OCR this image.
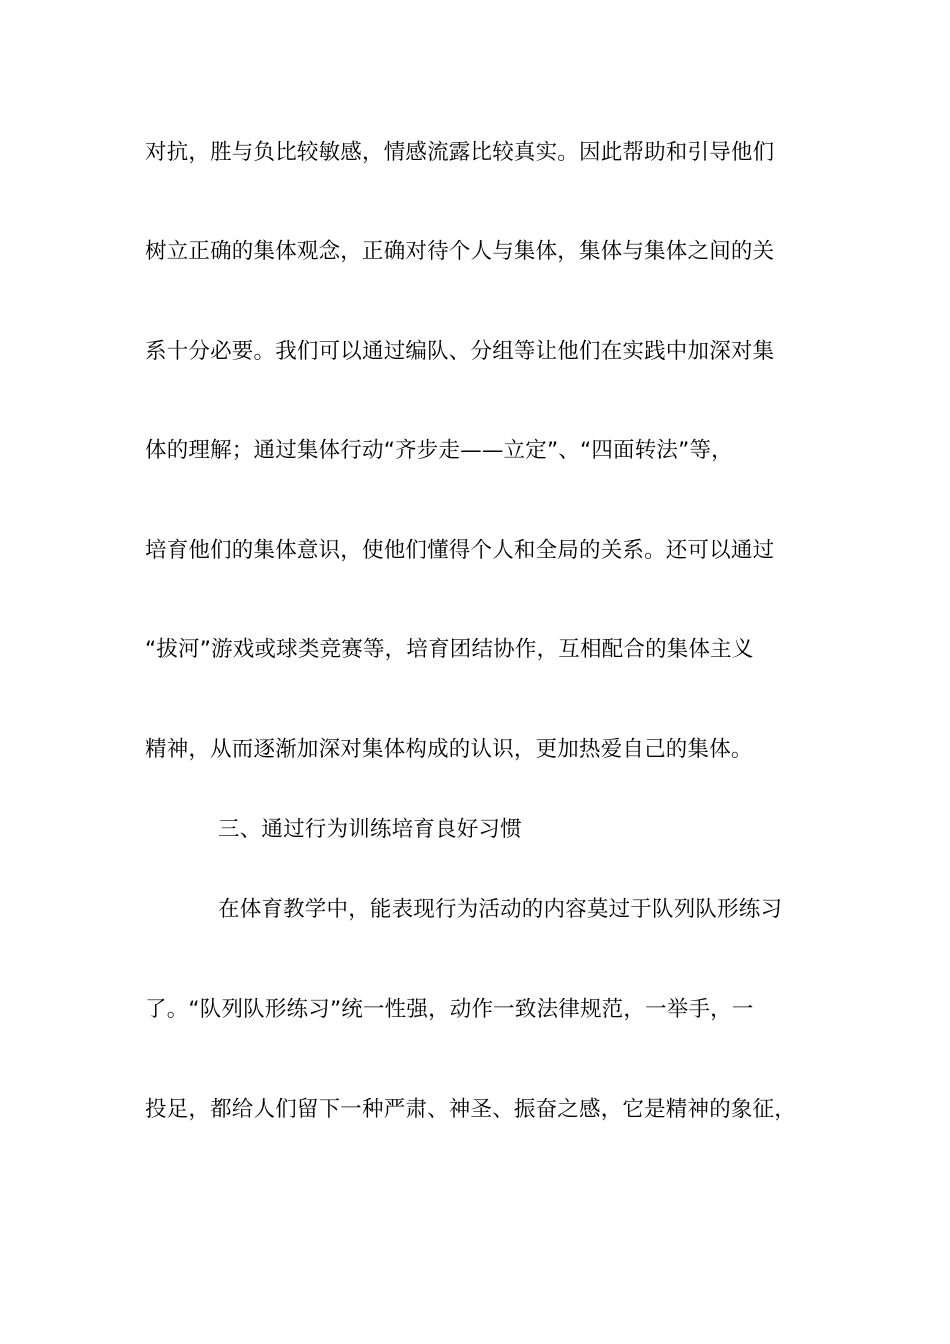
对抗，胜与负比较敏感，情感流露比较真实。因此帮助和引导他们
树立正确的集体观念，正确对待个人与集体，集体与集体之间的关
系十分必要。我们可以通过编队、分组等让他们在实践中加深对集
体的理解；通过集体行动“齐步走——立定”、“四面转法”等，
培育他们的集体意识，使他们懂得个人和全局的关系。还可以通过
“拔河”游戏或球类竞赛等，培育团结协作，互相配合的集体主义
精神，从而逐渐加深对集体构成的认识，更加热爱自己的集体。
三、通过行为训练培育良好习惯
在体育教学中，能表现行为活动的内容莫过于队列队形练习
了。“队列队形练习”统一性强，动作一致法律规范，一举手，一
投足，都给人们留下一种严肃、神圣、振奋之感，它是精神的象征，
